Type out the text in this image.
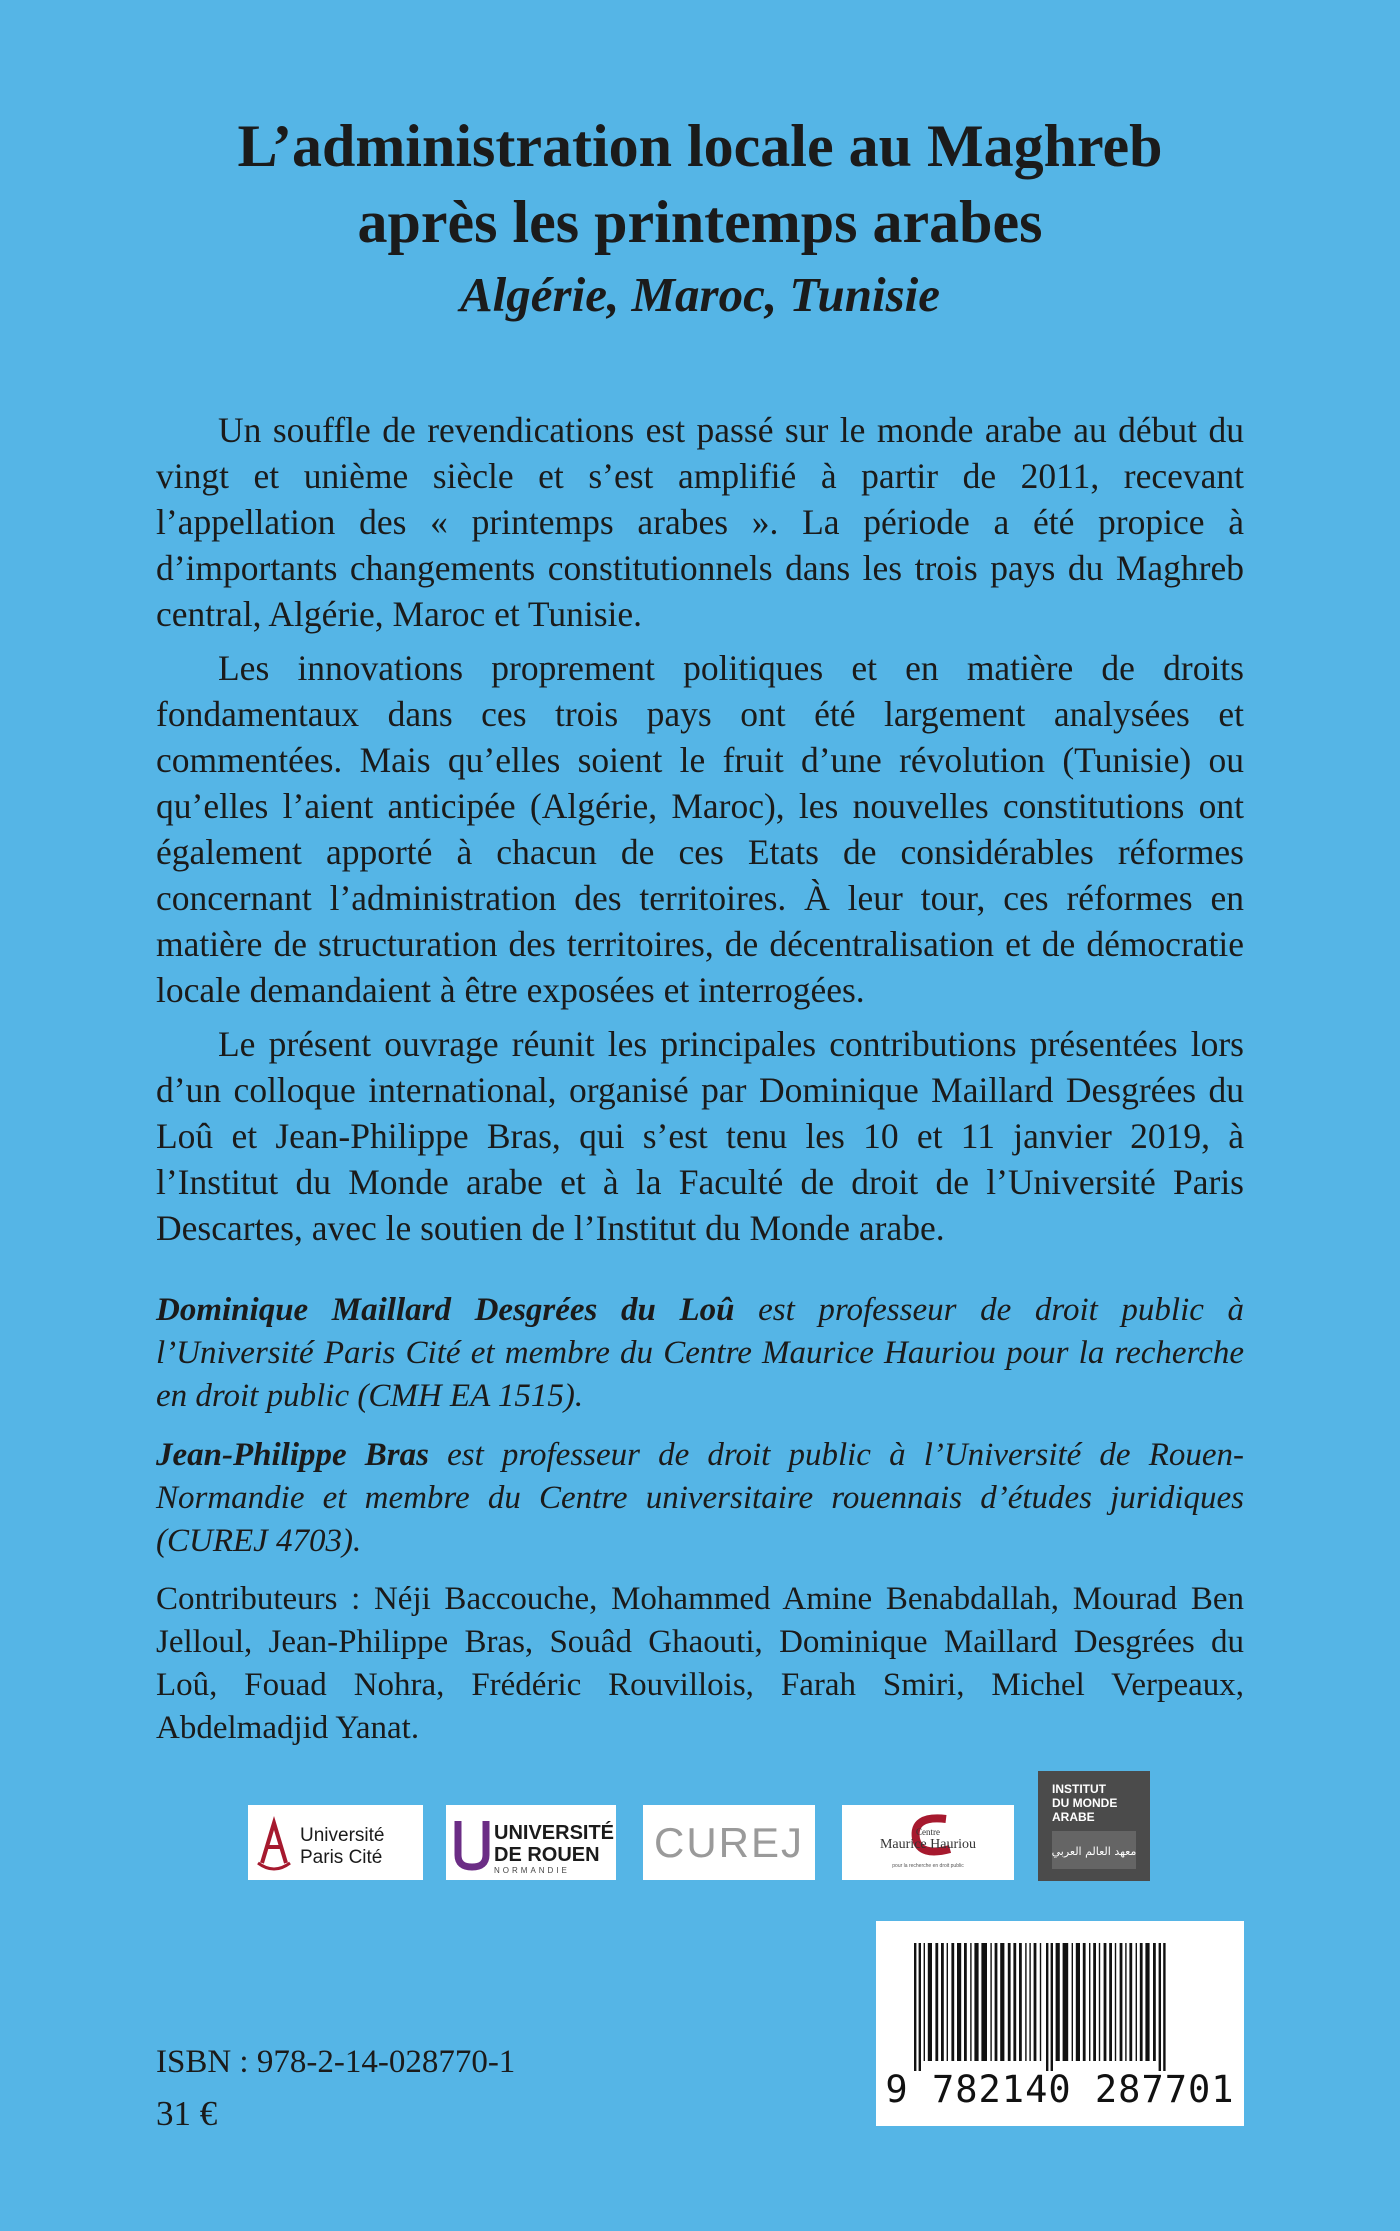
L’administration locale au Maghreb
après les printemps arabes
Algérie, Maroc, Tunisie

Un souffle de revendications est passé sur le monde arabe au début du vingt et unième siècle et s’est amplifié à partir de 2011, recevant l’appellation des « printemps arabes ». La période a été propice à d’importants changements constitutionnels dans les trois pays du Maghreb central, Algérie, Maroc et Tunisie.

Les innovations proprement politiques et en matière de droits fondamentaux dans ces trois pays ont été largement analysées et commentées. Mais qu’elles soient le fruit d’une révolution (Tunisie) ou qu’elles l’aient anticipée (Algérie, Maroc), les nouvelles constitutions ont également apporté à chacun de ces Etats de considérables réformes concernant l’administration des territoires. À leur tour, ces réformes en matière de structuration des territoires, de décentralisation et de démocratie locale demandaient à être exposées et interrogées.

Le présent ouvrage réunit les principales contributions présentées lors d’un colloque international, organisé par Dominique Maillard Desgrées du Loû et Jean-Philippe Bras, qui s’est tenu les 10 et 11 janvier 2019, à l’Institut du Monde arabe et à la Faculté de droit de l’Université Paris Descartes, avec le soutien de l’Institut du Monde arabe.

Dominique Maillard Desgrées du Loû est professeur de droit public à l’Université Paris Cité et membre du Centre Maurice Hauriou pour la recherche en droit public (CMH EA 1515).
Jean-Philippe Bras est professeur de droit public à l’Université de Rouen-Normandie et membre du Centre universitaire rouennais d’études juridiques (CUREJ 4703).
Contributeurs : Néji Baccouche, Mohammed Amine Benabdallah, Mourad Ben Jelloul, Jean-Philippe Bras, Souâd Ghaouti, Dominique Maillard Desgrées du Loû, Fouad Nohra, Frédéric Rouvillois, Farah Smiri, Michel Verpeaux, Abdelmadjid Yanat.
Université
Paris Cité
UNIVERSITÉ
DE ROUEN
NORMANDIE
CUREJ	Centre
Maurice Hauriou
pour la recherche en droit public
INSTITUT
DU MONDE
ARABE
معهد العالم العربي
ISBN : 978-2-14-028770-1
31 €
9 782140 287701
